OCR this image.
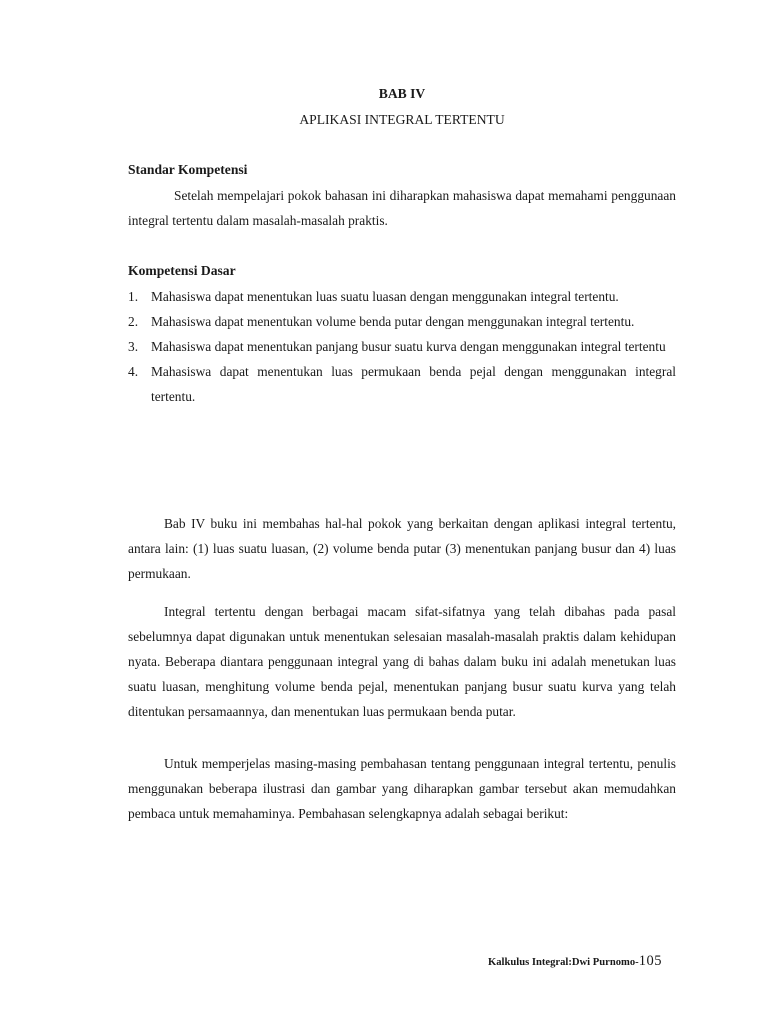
BAB IV
APLIKASI INTEGRAL TERTENTU
Standar Kompetensi

Setelah mempelajari pokok bahasan ini diharapkan mahasiswa dapat memahami penggunaan integral tertentu dalam masalah-masalah praktis.

Kompetensi Dasar
1. Mahasiswa dapat menentukan luas suatu luasan dengan menggunakan integral tertentu.
2. Mahasiswa dapat menentukan volume benda putar dengan menggunakan integral tertentu.
3. Mahasiswa dapat menentukan panjang busur suatu kurva dengan menggunakan integral tertentu
4. Mahasiswa dapat menentukan luas permukaan benda pejal dengan menggunakan integral tertentu.

Bab IV buku ini membahas hal-hal pokok yang berkaitan dengan aplikasi integral tertentu, antara lain: (1) luas suatu luasan, (2) volume benda putar (3) menentukan panjang busur dan 4) luas permukaan.

Integral tertentu dengan berbagai macam sifat-sifatnya yang telah dibahas pada pasal sebelumnya dapat digunakan untuk menentukan selesaian masalah-masalah praktis dalam kehidupan nyata. Beberapa diantara penggunaan integral yang di bahas dalam buku ini adalah menetukan luas suatu luasan, menghitung volume benda pejal, menentukan panjang busur suatu kurva yang telah ditentukan persamaannya, dan menentukan luas permukaan benda putar.

Untuk memperjelas masing-masing pembahasan tentang penggunaan integral tertentu, penulis menggunakan beberapa ilustrasi dan gambar yang diharapkan gambar tersebut akan memudahkan pembaca untuk memahaminya. Pembahasan selengkapnya adalah sebagai berikut:

Kalkulus Integral:Dwi Purnomo-105
